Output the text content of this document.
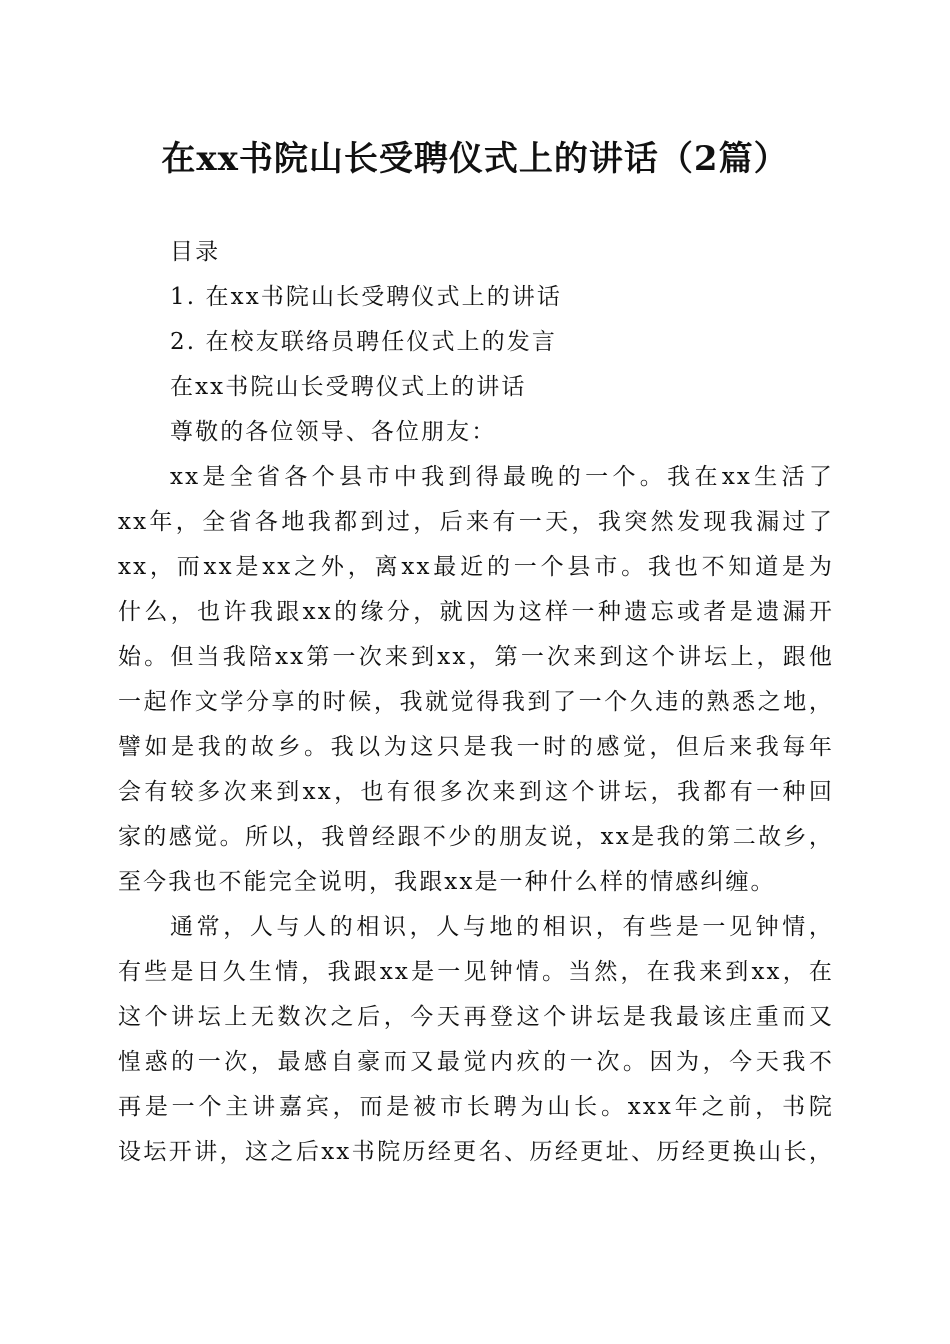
在xx书院山长受聘仪式上的讲话（2篇）

目录

1. 在xx书院山长受聘仪式上的讲话

2. 在校友联络员聘任仪式上的发言

在xx书院山长受聘仪式上的讲话

尊敬的各位领导、各位朋友：

xx是全省各个县市中我到得最晚的一个。我在xx生活了

xx年，全省各地我都到过，后来有一天，我突然发现我漏过了

xx，而xx是xx之外，离xx最近的一个县市。我也不知道是为

什么，也许我跟xx的缘分，就因为这样一种遗忘或者是遗漏开

始。但当我陪xx第一次来到xx，第一次来到这个讲坛上，跟他

一起作文学分享的时候，我就觉得我到了一个久违的熟悉之地，

譬如是我的故乡。我以为这只是我一时的感觉，但后来我每年

会有较多次来到xx，也有很多次来到这个讲坛，我都有一种回

家的感觉。所以，我曾经跟不少的朋友说，xx是我的第二故乡，

至今我也不能完全说明，我跟xx是一种什么样的情感纠缠。

通常，人与人的相识，人与地的相识，有些是一见钟情，

有些是日久生情，我跟xx是一见钟情。当然，在我来到xx，在

这个讲坛上无数次之后，今天再登这个讲坛是我最该庄重而又

惶惑的一次，最感自豪而又最觉内疚的一次。因为，今天我不

再是一个主讲嘉宾，而是被市长聘为山长。xxx年之前，书院

设坛开讲，这之后xx书院历经更名、历经更址、历经更换山长，
